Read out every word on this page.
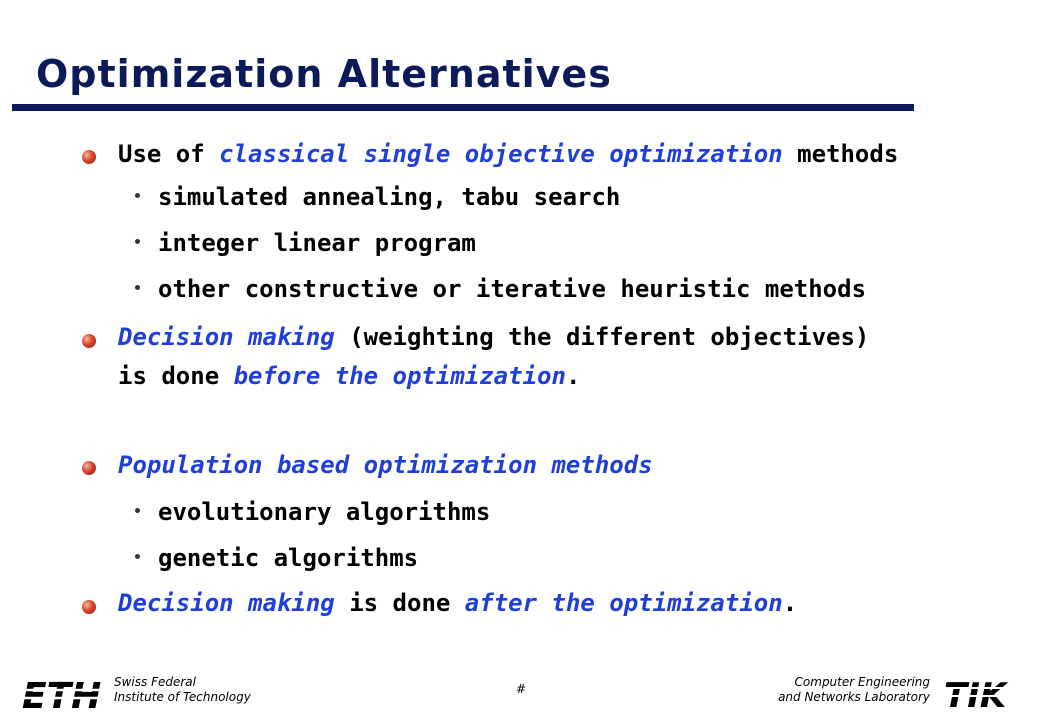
Optimization Alternatives
Use of classical single objective optimization methods
simulated annealing, tabu search
integer linear program
other constructive or iterative heuristic methods
Decision making (weighting the different objectives)
is done before the optimization.
Population based optimization methods
evolutionary algorithms
genetic algorithms
Decision making is done after the optimization.
ETH Swiss Federal
Institute of Technology
#	Computer Engineering
and Networks Laboratory TIK
